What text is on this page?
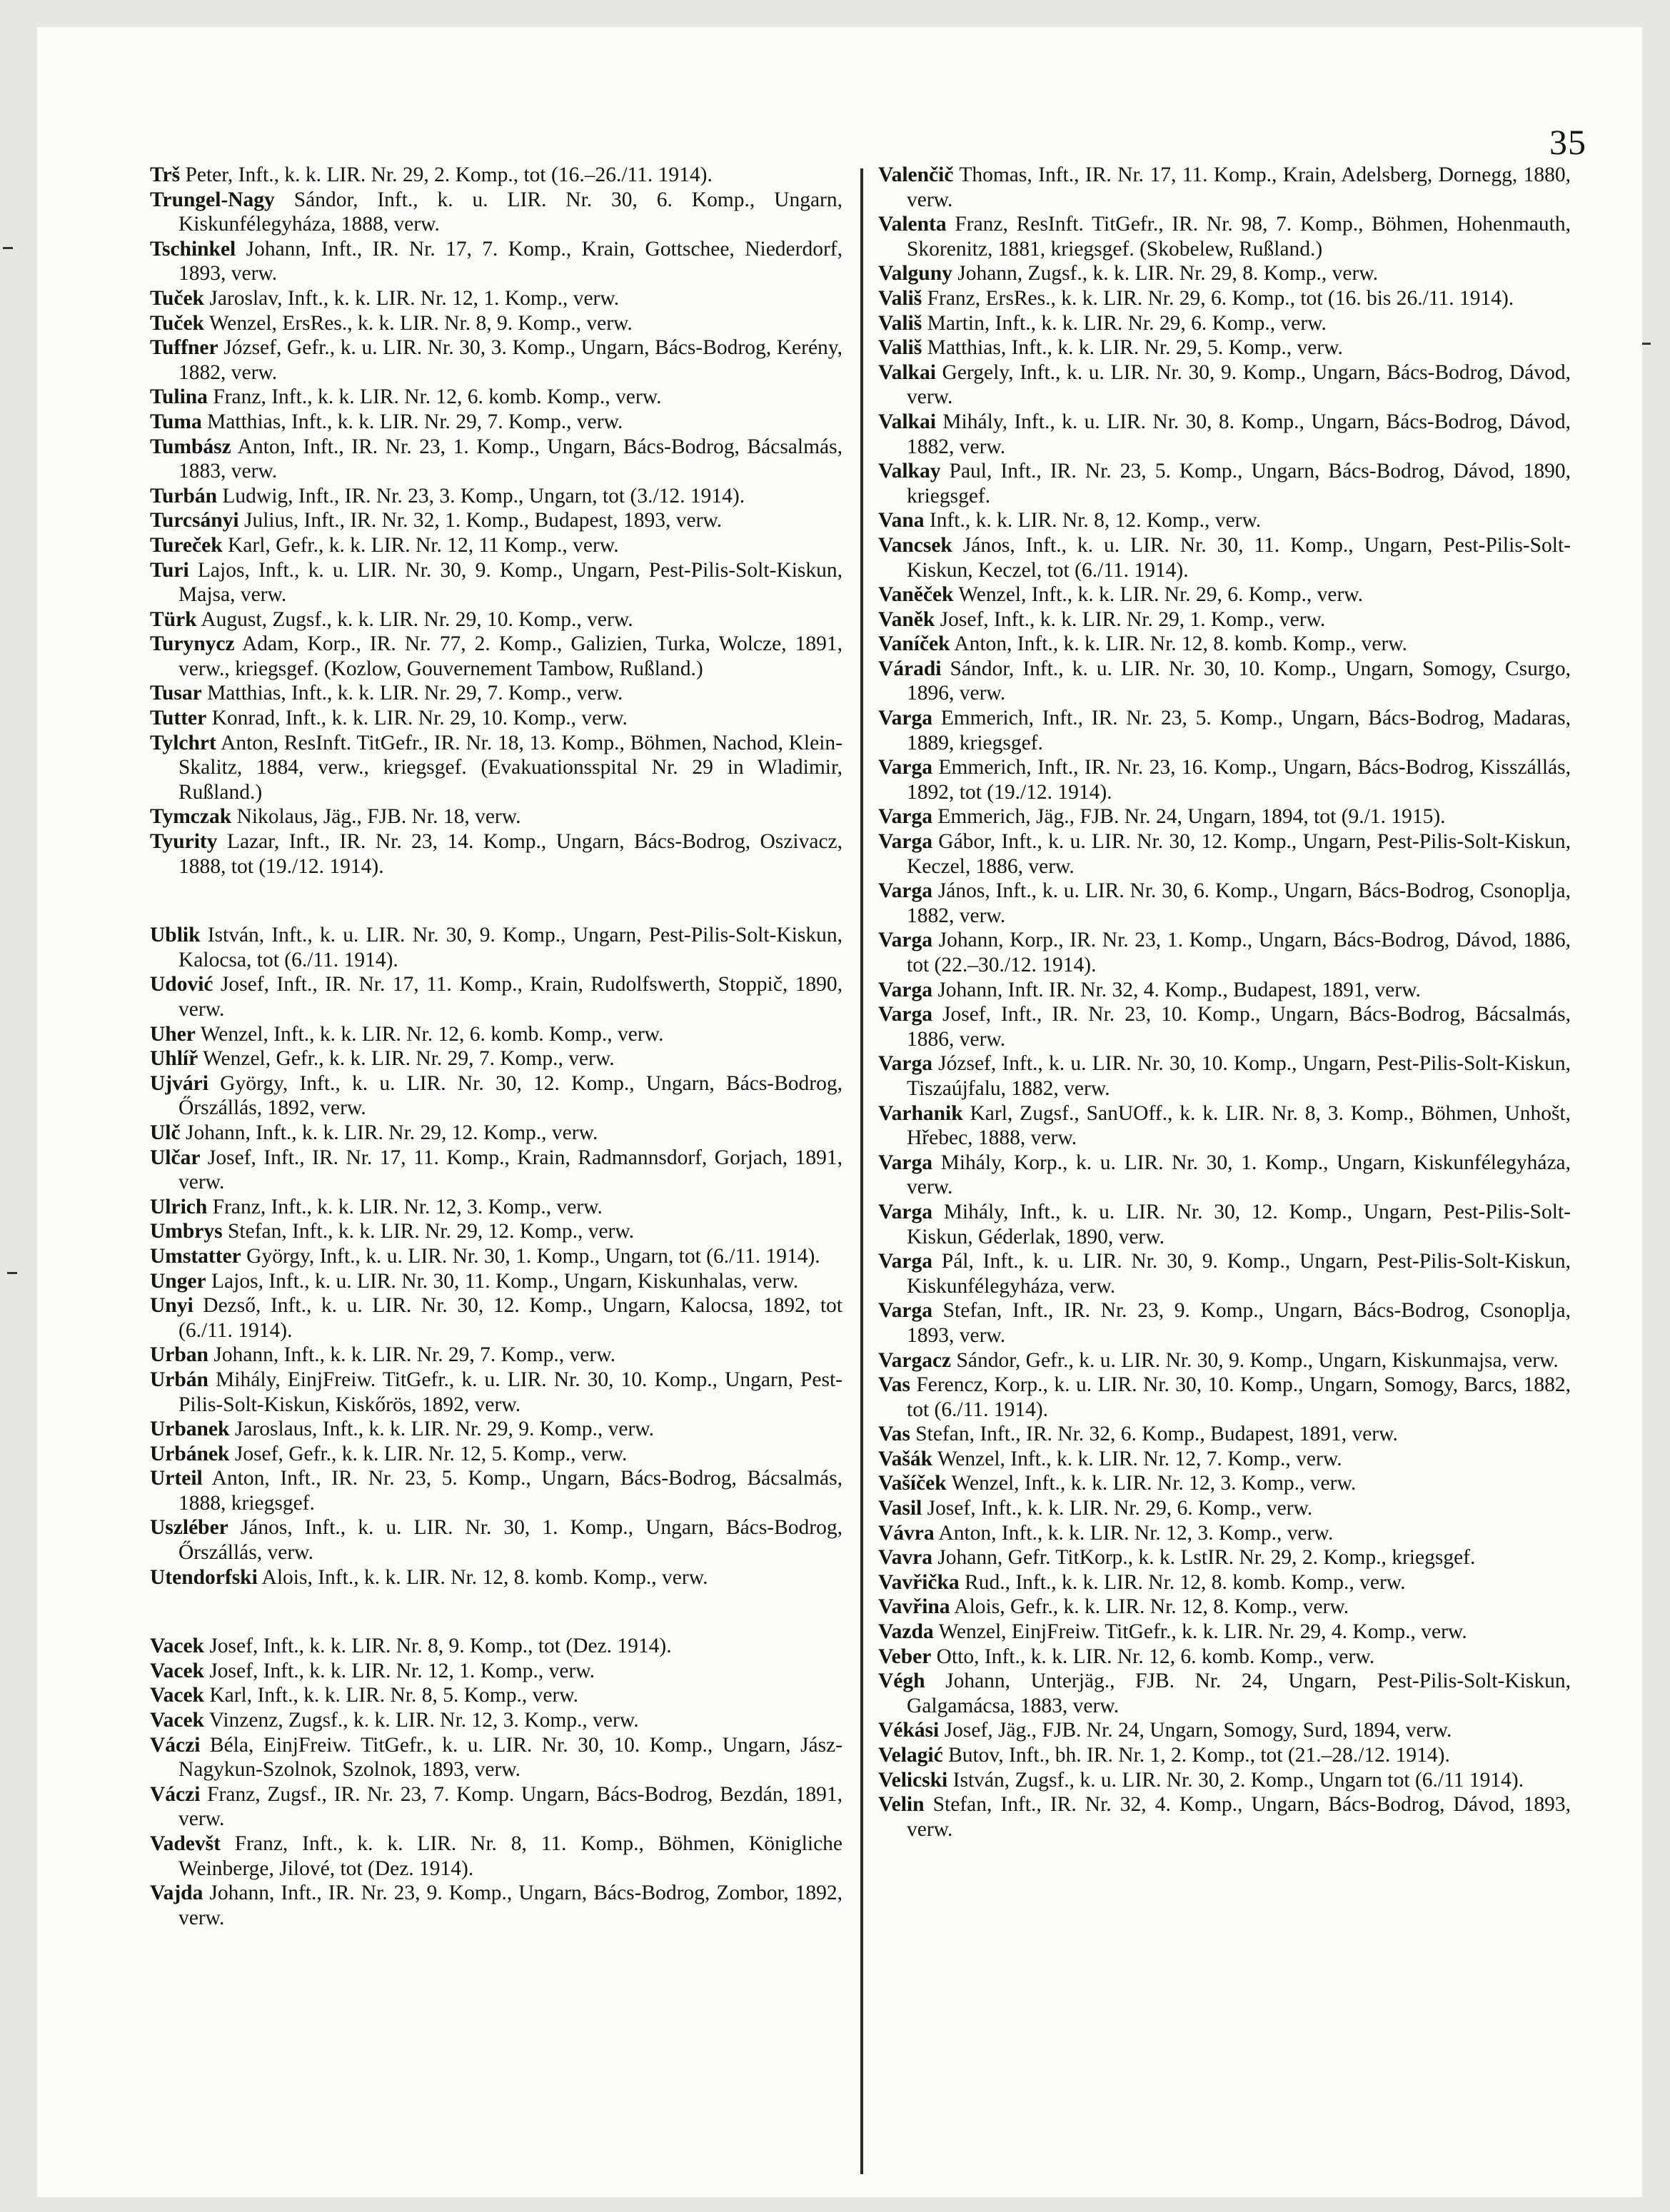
35

Trš Peter, Inft., k. k. LIR. Nr. 29, 2. Komp., tot (16.–26./11. 1914).

Trungel-Nagy Sándor, Inft., k. u. LIR. Nr. 30, 6. Komp., Ungarn, Kiskunfélegyháza, 1888, verw.

Tschinkel Johann, Inft., IR. Nr. 17, 7. Komp., Krain, Gottschee, Niederdorf, 1893, verw.

Tuček Jaroslav, Inft., k. k. LIR. Nr. 12, 1. Komp., verw.

Tuček Wenzel, ErsRes., k. k. LIR. Nr. 8, 9. Komp., verw.

Tuffner József, Gefr., k. u. LIR. Nr. 30, 3. Komp., Ungarn, Bács-Bodrog, Kerény, 1882, verw.

Tulina Franz, Inft., k. k. LIR. Nr. 12, 6. komb. Komp., verw.

Tuma Matthias, Inft., k. k. LIR. Nr. 29, 7. Komp., verw.

Tumbász Anton, Inft., IR. Nr. 23, 1. Komp., Ungarn, Bács-Bodrog, Bácsalmás, 1883, verw.

Turbán Ludwig, Inft., IR. Nr. 23, 3. Komp., Ungarn, tot (3./12. 1914).

Turcsányi Julius, Inft., IR. Nr. 32, 1. Komp., Budapest, 1893, verw.

Tureček Karl, Gefr., k. k. LIR. Nr. 12, 11 Komp., verw.

Turi Lajos, Inft., k. u. LIR. Nr. 30, 9. Komp., Ungarn, Pest-Pilis-Solt-Kiskun, Majsa, verw.

Türk August, Zugsf., k. k. LIR. Nr. 29, 10. Komp., verw.

Turynycz Adam, Korp., IR. Nr. 77, 2. Komp., Galizien, Turka, Wolcze, 1891, verw., kriegsgef. (Kozlow, Gouvernement Tambow, Rußland.)

Tusar Matthias, Inft., k. k. LIR. Nr. 29, 7. Komp., verw.

Tutter Konrad, Inft., k. k. LIR. Nr. 29, 10. Komp., verw.

Tylchrt Anton, ResInft. TitGefr., IR. Nr. 18, 13. Komp., Böhmen, Nachod, Klein-Skalitz, 1884, verw., kriegsgef. (Evakuationsspital Nr. 29 in Wladimir, Rußland.)

Tymczak Nikolaus, Jäg., FJB. Nr. 18, verw.

Tyurity Lazar, Inft., IR. Nr. 23, 14. Komp., Ungarn, Bács-Bodrog, Oszivacz, 1888, tot (19./12. 1914).

Ublik István, Inft., k. u. LIR. Nr. 30, 9. Komp., Ungarn, Pest-Pilis-Solt-Kiskun, Kalocsa, tot (6./11. 1914).

Udović Josef, Inft., IR. Nr. 17, 11. Komp., Krain, Rudolfswerth, Stoppič, 1890, verw.

Uher Wenzel, Inft., k. k. LIR. Nr. 12, 6. komb. Komp., verw.

Uhlíř Wenzel, Gefr., k. k. LIR. Nr. 29, 7. Komp., verw.

Ujvári György, Inft., k. u. LIR. Nr. 30, 12. Komp., Ungarn, Bács-Bodrog, Őrszállás, 1892, verw.

Ulč Johann, Inft., k. k. LIR. Nr. 29, 12. Komp., verw.

Ulčar Josef, Inft., IR. Nr. 17, 11. Komp., Krain, Radmannsdorf, Gorjach, 1891, verw.

Ulrich Franz, Inft., k. k. LIR. Nr. 12, 3. Komp., verw.

Umbrys Stefan, Inft., k. k. LIR. Nr. 29, 12. Komp., verw.

Umstatter György, Inft., k. u. LIR. Nr. 30, 1. Komp., Ungarn, tot (6./11. 1914).

Unger Lajos, Inft., k. u. LIR. Nr. 30, 11. Komp., Ungarn, Kiskunhalas, verw.

Unyi Dezső, Inft., k. u. LIR. Nr. 30, 12. Komp., Ungarn, Kalocsa, 1892, tot (6./11. 1914).

Urban Johann, Inft., k. k. LIR. Nr. 29, 7. Komp., verw.

Urbán Mihály, EinjFreiw. TitGefr., k. u. LIR. Nr. 30, 10. Komp., Ungarn, Pest-Pilis-Solt-Kiskun, Kiskőrös, 1892, verw.

Urbanek Jaroslaus, Inft., k. k. LIR. Nr. 29, 9. Komp., verw.

Urbánek Josef, Gefr., k. k. LIR. Nr. 12, 5. Komp., verw.

Urteil Anton, Inft., IR. Nr. 23, 5. Komp., Ungarn, Bács-Bodrog, Bácsalmás, 1888, kriegsgef.

Uszléber János, Inft., k. u. LIR. Nr. 30, 1. Komp., Ungarn, Bács-Bodrog, Őrszállás, verw.

Utendorfski Alois, Inft., k. k. LIR. Nr. 12, 8. komb. Komp., verw.

Vacek Josef, Inft., k. k. LIR. Nr. 8, 9. Komp., tot (Dez. 1914).

Vacek Josef, Inft., k. k. LIR. Nr. 12, 1. Komp., verw.

Vacek Karl, Inft., k. k. LIR. Nr. 8, 5. Komp., verw.

Vacek Vinzenz, Zugsf., k. k. LIR. Nr. 12, 3. Komp., verw.

Váczi Béla, EinjFreiw. TitGefr., k. u. LIR. Nr. 30, 10. Komp., Ungarn, Jász-Nagykun-Szolnok, Szolnok, 1893, verw.

Váczi Franz, Zugsf., IR. Nr. 23, 7. Komp. Ungarn, Bács-Bodrog, Bezdán, 1891, verw.

Vadevšt Franz, Inft., k. k. LIR. Nr. 8, 11. Komp., Böhmen, Königliche Weinberge, Jilové, tot (Dez. 1914).

Vajda Johann, Inft., IR. Nr. 23, 9. Komp., Ungarn, Bács-Bodrog, Zombor, 1892, verw.

Valenčič Thomas, Inft., IR. Nr. 17, 11. Komp., Krain, Adelsberg, Dornegg, 1880, verw.

Valenta Franz, ResInft. TitGefr., IR. Nr. 98, 7. Komp., Böhmen, Hohenmauth, Skorenitz, 1881, kriegsgef. (Skobelew, Rußland.)

Valguny Johann, Zugsf., k. k. LIR. Nr. 29, 8. Komp., verw.

Vališ Franz, ErsRes., k. k. LIR. Nr. 29, 6. Komp., tot (16. bis 26./11. 1914).

Vališ Martin, Inft., k. k. LIR. Nr. 29, 6. Komp., verw.

Vališ Matthias, Inft., k. k. LIR. Nr. 29, 5. Komp., verw.

Valkai Gergely, Inft., k. u. LIR. Nr. 30, 9. Komp., Ungarn, Bács-Bodrog, Dávod, verw.

Valkai Mihály, Inft., k. u. LIR. Nr. 30, 8. Komp., Ungarn, Bács-Bodrog, Dávod, 1882, verw.

Valkay Paul, Inft., IR. Nr. 23, 5. Komp., Ungarn, Bács-Bodrog, Dávod, 1890, kriegsgef.

Vana Inft., k. k. LIR. Nr. 8, 12. Komp., verw.

Vancsek János, Inft., k. u. LIR. Nr. 30, 11. Komp., Ungarn, Pest-Pilis-Solt-Kiskun, Keczel, tot (6./11. 1914).

Vaněček Wenzel, Inft., k. k. LIR. Nr. 29, 6. Komp., verw.

Vaněk Josef, Inft., k. k. LIR. Nr. 29, 1. Komp., verw.

Vaníček Anton, Inft., k. k. LIR. Nr. 12, 8. komb. Komp., verw.

Váradi Sándor, Inft., k. u. LIR. Nr. 30, 10. Komp., Ungarn, Somogy, Csurgo, 1896, verw.

Varga Emmerich, Inft., IR. Nr. 23, 5. Komp., Ungarn, Bács-Bodrog, Madaras, 1889, kriegsgef.

Varga Emmerich, Inft., IR. Nr. 23, 16. Komp., Ungarn, Bács-Bodrog, Kisszállás, 1892, tot (19./12. 1914).

Varga Emmerich, Jäg., FJB. Nr. 24, Ungarn, 1894, tot (9./1. 1915).

Varga Gábor, Inft., k. u. LIR. Nr. 30, 12. Komp., Ungarn, Pest-Pilis-Solt-Kiskun, Keczel, 1886, verw.

Varga János, Inft., k. u. LIR. Nr. 30, 6. Komp., Ungarn, Bács-Bodrog, Csonoplja, 1882, verw.

Varga Johann, Korp., IR. Nr. 23, 1. Komp., Ungarn, Bács-Bodrog, Dávod, 1886, tot (22.–30./12. 1914).

Varga Johann, Inft. IR. Nr. 32, 4. Komp., Budapest, 1891, verw.

Varga Josef, Inft., IR. Nr. 23, 10. Komp., Ungarn, Bács-Bodrog, Bácsalmás, 1886, verw.

Varga József, Inft., k. u. LIR. Nr. 30, 10. Komp., Ungarn, Pest-Pilis-Solt-Kiskun, Tiszaújfalu, 1882, verw.

Varhanik Karl, Zugsf., SanUOff., k. k. LIR. Nr. 8, 3. Komp., Böhmen, Unhošt, Hřebec, 1888, verw.

Varga Mihály, Korp., k. u. LIR. Nr. 30, 1. Komp., Ungarn, Kiskunfélegyháza, verw.

Varga Mihály, Inft., k. u. LIR. Nr. 30, 12. Komp., Ungarn, Pest-Pilis-Solt-Kiskun, Géderlak, 1890, verw.

Varga Pál, Inft., k. u. LIR. Nr. 30, 9. Komp., Ungarn, Pest-Pilis-Solt-Kiskun, Kiskunfélegyháza, verw.

Varga Stefan, Inft., IR. Nr. 23, 9. Komp., Ungarn, Bács-Bodrog, Csonoplja, 1893, verw.

Vargacz Sándor, Gefr., k. u. LIR. Nr. 30, 9. Komp., Ungarn, Kiskunmajsa, verw.

Vas Ferencz, Korp., k. u. LIR. Nr. 30, 10. Komp., Ungarn, Somogy, Barcs, 1882, tot (6./11. 1914).

Vas Stefan, Inft., IR. Nr. 32, 6. Komp., Budapest, 1891, verw.

Vašák Wenzel, Inft., k. k. LIR. Nr. 12, 7. Komp., verw.

Vašíček Wenzel, Inft., k. k. LIR. Nr. 12, 3. Komp., verw.

Vasil Josef, Inft., k. k. LIR. Nr. 29, 6. Komp., verw.

Vávra Anton, Inft., k. k. LIR. Nr. 12, 3. Komp., verw.

Vavra Johann, Gefr. TitKorp., k. k. LstIR. Nr. 29, 2. Komp., kriegsgef.

Vavřička Rud., Inft., k. k. LIR. Nr. 12, 8. komb. Komp., verw.

Vavřina Alois, Gefr., k. k. LIR. Nr. 12, 8. Komp., verw.

Vazda Wenzel, EinjFreiw. TitGefr., k. k. LIR. Nr. 29, 4. Komp., verw.

Veber Otto, Inft., k. k. LIR. Nr. 12, 6. komb. Komp., verw.

Végh Johann, Unterjäg., FJB. Nr. 24, Ungarn, Pest-Pilis-Solt-Kiskun, Galgamácsa, 1883, verw.

Vékási Josef, Jäg., FJB. Nr. 24, Ungarn, Somogy, Surd, 1894, verw.

Velagić Butov, Inft., bh. IR. Nr. 1, 2. Komp., tot (21.–28./12. 1914).

Velicski István, Zugsf., k. u. LIR. Nr. 30, 2. Komp., Ungarn tot (6./11 1914).

Velin Stefan, Inft., IR. Nr. 32, 4. Komp., Ungarn, Bács-Bodrog, Dávod, 1893, verw.
